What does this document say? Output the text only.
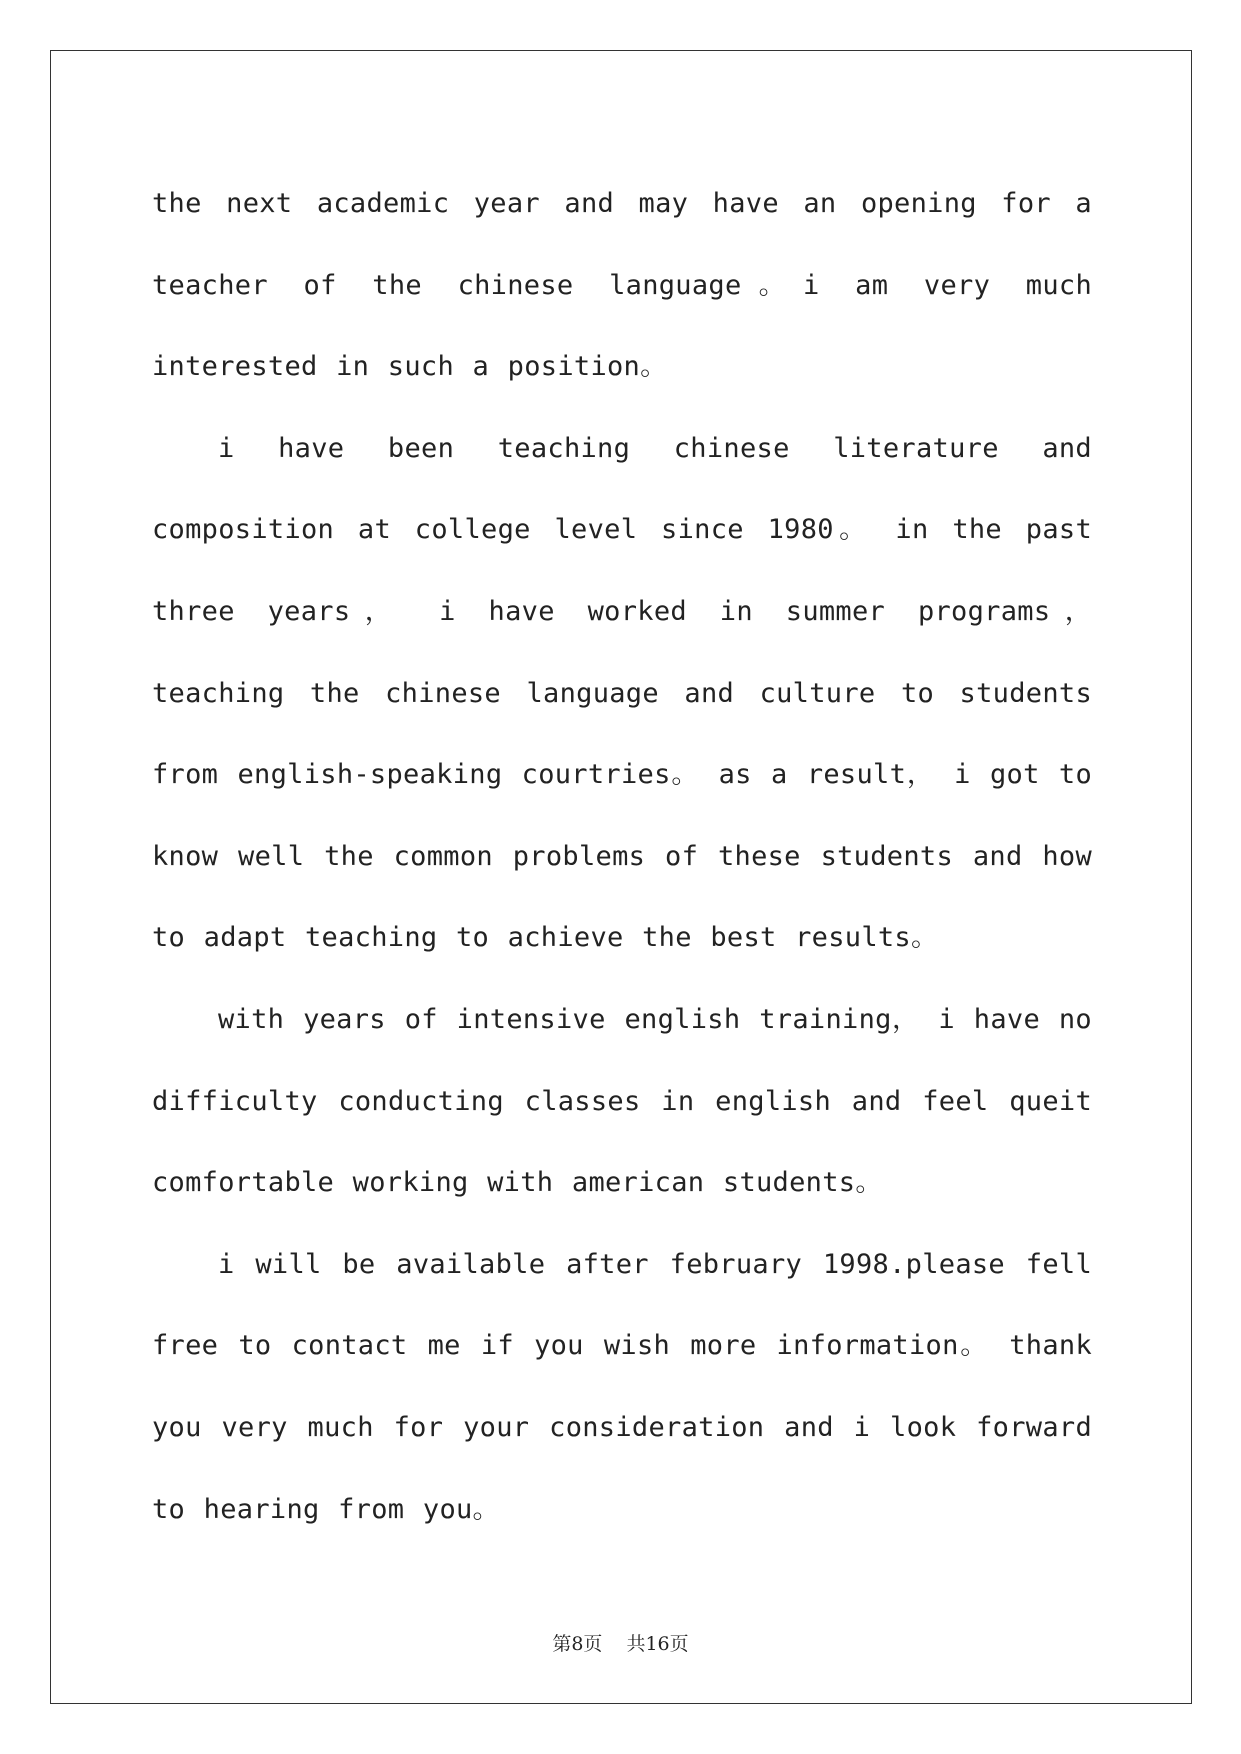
the next academic year and may have an opening for a teacher of the chinese language。i am very much interested in such a position。

i have been teaching chinese literature and composition at college level since 1980。 in the past three years， i have worked in summer programs， teaching the chinese language and culture to students from english-speaking courtries。 as a result， i got to know well the common problems of these students and how to adapt teaching to achieve the best results。

with years of intensive english training， i have no difficulty conducting classes in english and feel queit comfortable working with american students。

i will be available after february 1998.please fell free to contact me if you wish more information。 thank you very much for your consideration and i look forward to hearing from you。

第8页 共16页
